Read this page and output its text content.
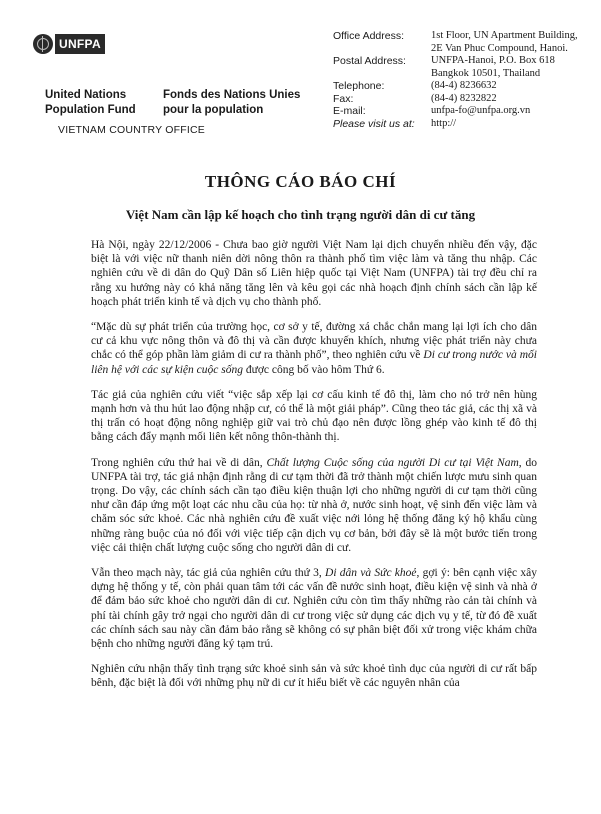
UNFPA
United Nations
Population Fund
Fonds des Nations Unies
pour la population
VIETNAM COUNTRY OFFICE
Office Address:
Postal Address:
Telephone:
Fax:
E-mail:
Please visit us at:
1st Floor, UN Apartment Building,
2E Van Phuc Compound, Hanoi.
UNFPA-Hanoi, P.O. Box 618
Bangkok 10501, Thailand
(84-4) 8236632
(84-4) 8232822
unfpa-fo@unfpa.org.vn
http://
THÔNG CÁO BÁO CHÍ
Việt Nam cần lập kế hoạch cho tình trạng người dân di cư tăng

Hà Nội, ngày 22/12/2006 - Chưa bao giờ người Việt Nam lại dịch chuyển nhiều đến vậy, đặc biệt là với việc nữ thanh niên dời nông thôn ra thành phố tìm việc làm và tăng thu nhập. Các nghiên cứu về di dân do Quỹ Dân số Liên hiệp quốc tại Việt Nam (UNFPA) tài trợ đều chỉ ra rằng xu hướng này có khả năng tăng lên và kêu gọi các nhà hoạch định chính sách cần lập kế hoạch phát triển kinh tế và dịch vụ cho thành phố.

“Mặc dù sự phát triển của trường học, cơ sở y tế, đường xá chắc chắn mang lại lợi ích cho dân cư cả khu vực nông thôn và đô thị và cần được khuyến khích, nhưng việc phát triển này chưa chắc có thể góp phần làm giảm di cư ra thành phố”, theo nghiên cứu về Di cư trong nước và mối liên hệ với các sự kiện cuộc sống được công bố vào hôm Thứ 6.

Tác giả của nghiên cứu viết “việc sắp xếp lại cơ cấu kinh tế đô thị, làm cho nó trở nên hùng mạnh hơn và thu hút lao động nhập cư, có thể là một giải pháp”. Cũng theo tác giả, các thị xã và thị trấn có hoạt động nông nghiệp giữ vai trò chủ đạo nên được lồng ghép vào kinh tế đô thị bằng cách đẩy mạnh mối liên kết nông thôn-thành thị.

Trong nghiên cứu thứ hai về di dân, Chất lượng Cuộc sống của người Di cư tại Việt Nam, do UNFPA tài trợ, tác giả nhận định rằng di cư tạm thời đã trở thành một chiến lược mưu sinh quan trọng. Do vậy, các chính sách cần tạo điều kiện thuận lợi cho những người di cư tạm thời cũng như cần đáp ứng một loạt các nhu cầu của họ: từ nhà ở, nước sinh hoạt, vệ sinh đến việc làm và chăm sóc sức khoẻ. Các nhà nghiên cứu đề xuất việc nới lỏng hệ thống đăng ký hộ khẩu cùng những ràng buộc của nó đối với việc tiếp cận dịch vụ cơ bản, bởi đây sẽ là một bước tiến trong việc cải thiện chất lượng cuộc sống cho người dân di cư.

Vẫn theo mạch này, tác giả của nghiên cứu thứ 3, Di dân và Sức khoẻ, gợi ý: bên cạnh việc xây dựng hệ thống y tế, còn phải quan tâm tới các vấn đề nước sinh hoạt, điều kiện vệ sinh và nhà ở để đảm bảo sức khoẻ cho người dân di cư. Nghiên cứu còn tìm thấy những rào cản tài chính và phí tài chính gây trở ngại cho người dân di cư trong việc sử dụng các dịch vụ y tế, từ đó đề xuất các chính sách sau này cần đảm bảo rằng sẽ không có sự phân biệt đối xử trong việc khám chữa bệnh cho những người đăng ký tạm trú.

Nghiên cứu nhận thấy tình trạng sức khoẻ sinh sản và sức khoẻ tình dục của người di cư rất bấp bênh, đặc biệt là đối với những phụ nữ di cư ít hiểu biết về các nguyên nhân của
